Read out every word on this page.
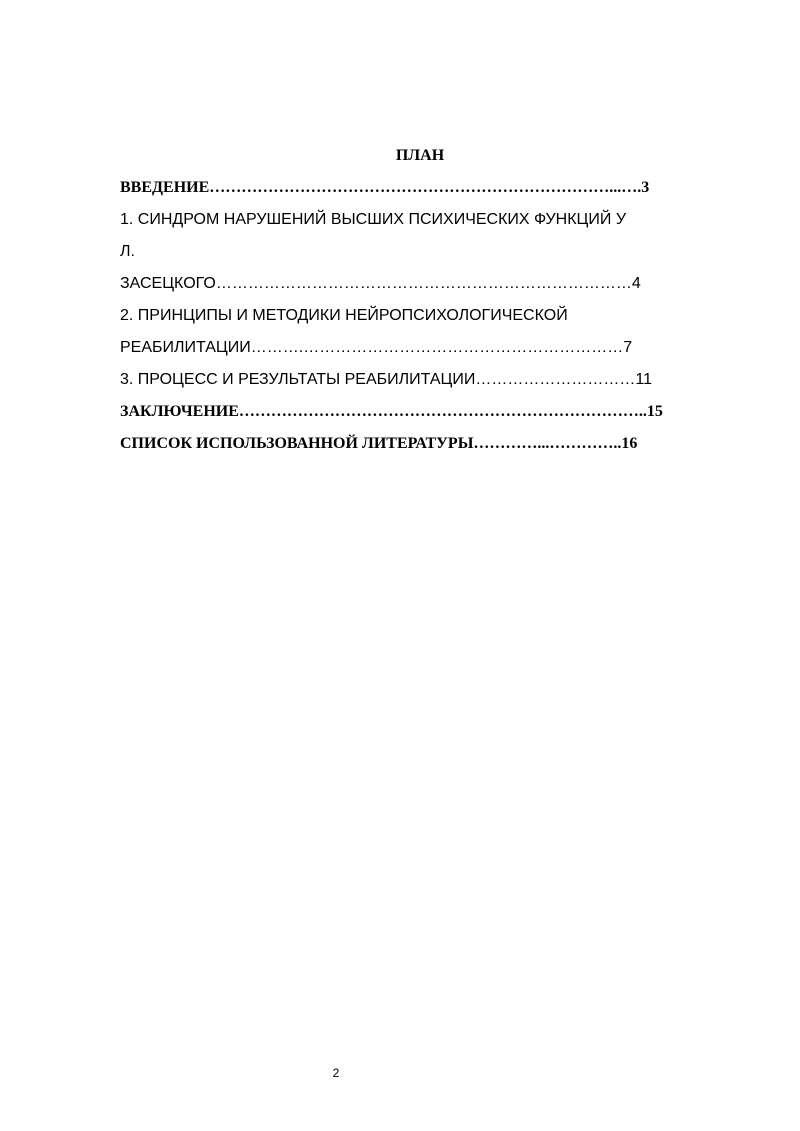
ПЛАН
ВВЕДЕНИЕ…………………………………………………………………...….3
1. СИНДРОМ НАРУШЕНИЙ ВЫСШИХ ПСИХИЧЕСКИХ ФУНКЦИЙ У
Л.
ЗАСЕЦКОГО……………………………………………………………………4
2. ПРИНЦИПЫ И МЕТОДИКИ НЕЙРОПСИХОЛОГИЧЕСКОЙ
РЕАБИЛИТАЦИИ……….……………………………………………………7
3. ПРОЦЕСС И РЕЗУЛЬТАТЫ РЕАБИЛИТАЦИИ…………………………11
ЗАКЛЮЧЕНИЕ…………………………………………………………………..15
СПИСОК ИСПОЛЬЗОВАННОЙ ЛИТЕРАТУРЫ…………...…………..16
2
